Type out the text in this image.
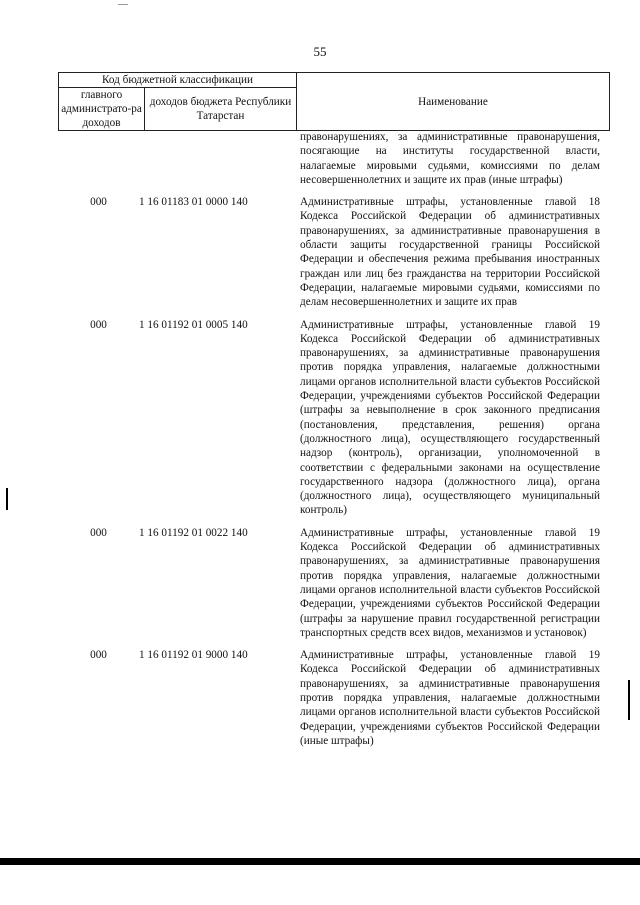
55
Код бюджетной классификации		Наименование
главного администрато-ра доходов	доходов бюджета Республики Татарстан	
правонарушениях, за административные правонарушения, посягающие на институты государственной власти, налагаемые мировыми судьями, комиссиями по делам несовершеннолетних и защите их прав (иные штрафы)
000	1 16 01183 01 0000 140	Административные штрафы, установленные главой 18 Кодекса Российской Федерации об административных правонарушениях, за административные правонарушения в области защиты государственной границы Российской Федерации и обеспечения режима пребывания иностранных граждан или лиц без гражданства на территории Российской Федерации, налагаемые мировыми судьями, комиссиями по делам несовершеннолетних и защите их прав
000	1 16 01192 01 0005 140	Административные штрафы, установленные главой 19 Кодекса Российской Федерации об административных правонарушениях, за административные правонарушения против порядка управления, налагаемые должностными лицами органов исполнительной власти субъектов Российской Федерации, учреждениями субъектов Российской Федерации (штрафы за невыполнение в срок законного предписания (постановления, представления, решения) органа (должностного лица), осуществляющего государственный надзор (контроль), организации, уполномоченной в соответствии с федеральными законами на осуществление государственного надзора (должностного лица), органа (должностного лица), осуществляющего муниципальный контроль)
000	1 16 01192 01 0022 140	Административные штрафы, установленные главой 19 Кодекса Российской Федерации об административных правонарушениях, за административные правонарушения против порядка управления, налагаемые должностными лицами органов исполнительной власти субъектов Российской Федерации, учреждениями субъектов Российской Федерации (штрафы за нарушение правил государственной регистрации транспортных средств всех видов, механизмов и установок)
000	1 16 01192 01 9000 140	Административные штрафы, установленные главой 19 Кодекса Российской Федерации об административных правонарушениях, за административные правонарушения против порядка управления, налагаемые должностными лицами органов исполнительной власти субъектов Российской Федерации, учреждениями субъектов Российской Федерации (иные штрафы)
